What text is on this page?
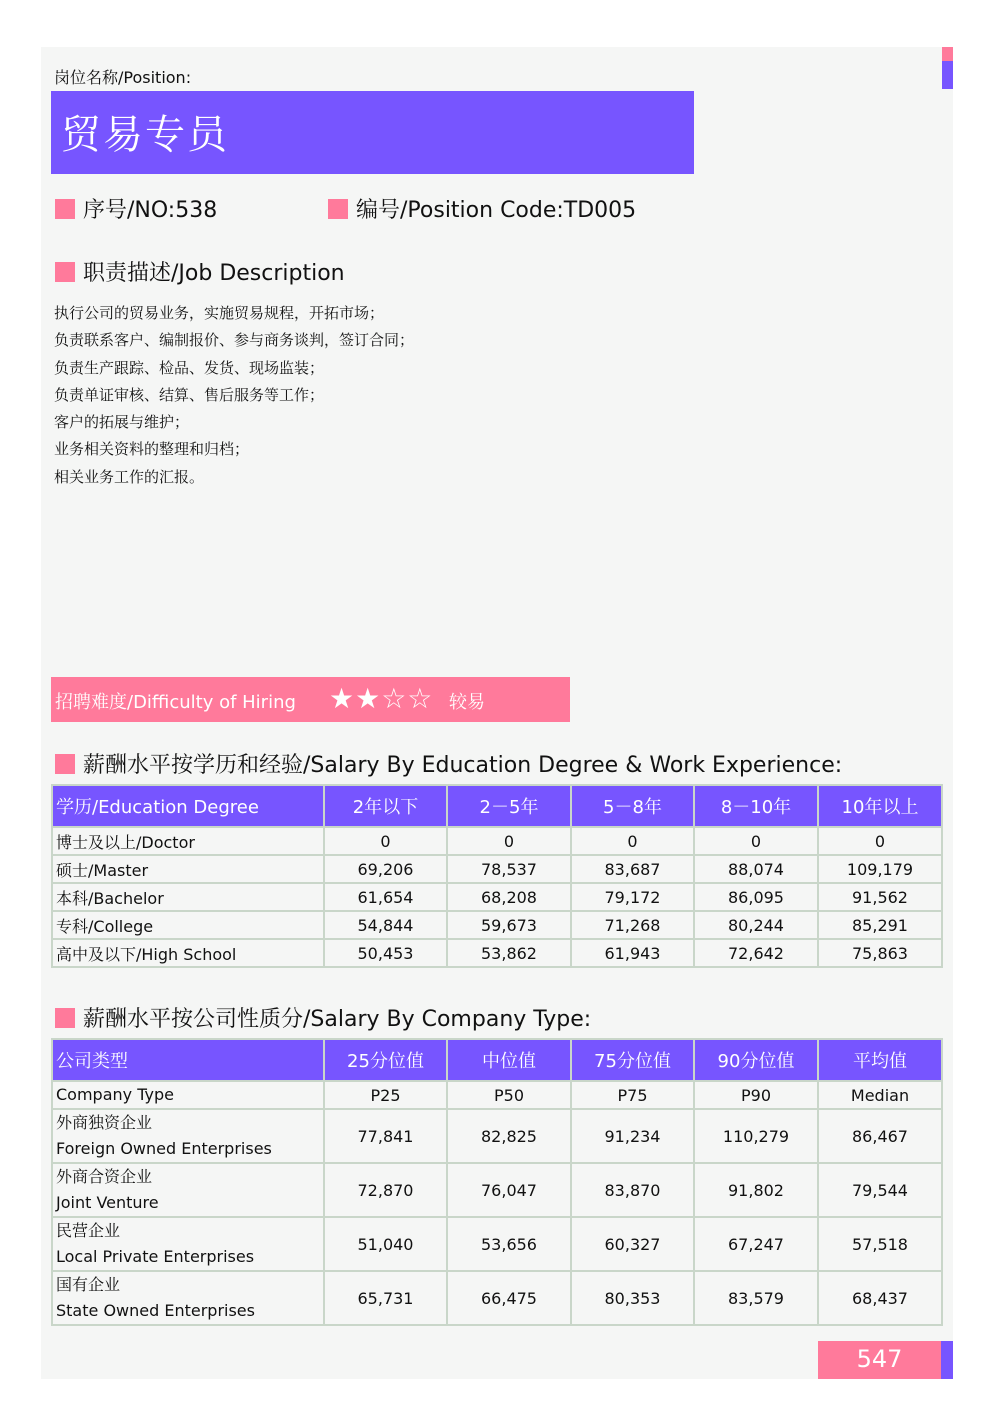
岗位名称/Position:
贸易专员
序号/NO:538	编号/Position Code:TD005
职责描述/Job Description
执行公司的贸易业务，实施贸易规程，开拓市场；
负责联系客户、编制报价、参与商务谈判，签订合同；
负责生产跟踪、检品、发货、现场监装；
负责单证审核、结算、售后服务等工作；
客户的拓展与维护；
业务相关资料的整理和归档；
相关业务工作的汇报。
招聘难度/Difficulty of Hiring ★★☆☆ 较易
薪酬水平按学历和经验/Salary By Education Degree & Work Experience:
学历/Education Degree	2年以下	2－5年	5－8年	8－10年	10年以上
博士及以上/Doctor	0	0	0	0	0
硕士/Master	69,206	78,537	83,687	88,074	109,179
本科/Bachelor	61,654	68,208	79,172	86,095	91,562
专科/College	54,844	59,673	71,268	80,244	85,291
高中及以下/High School	50,453	53,862	61,943	72,642	75,863
薪酬水平按公司性质分/Salary By Company Type:
公司类型	25分位值	中位值	75分位值	90分位值	平均值
Company Type	P25	P50	P75	P90	Median

外商独资企业
Foreign Owned Enterprises	77,841	82,825	91,234	110,279	86,467

外商合资企业
Joint Venture	72,870	76,047	83,870	91,802	79,544

民营企业
Local Private Enterprises	51,040	53,656	60,327	67,247	57,518

国有企业
State Owned Enterprises	65,731	66,475	80,353	83,579	68,437
547
